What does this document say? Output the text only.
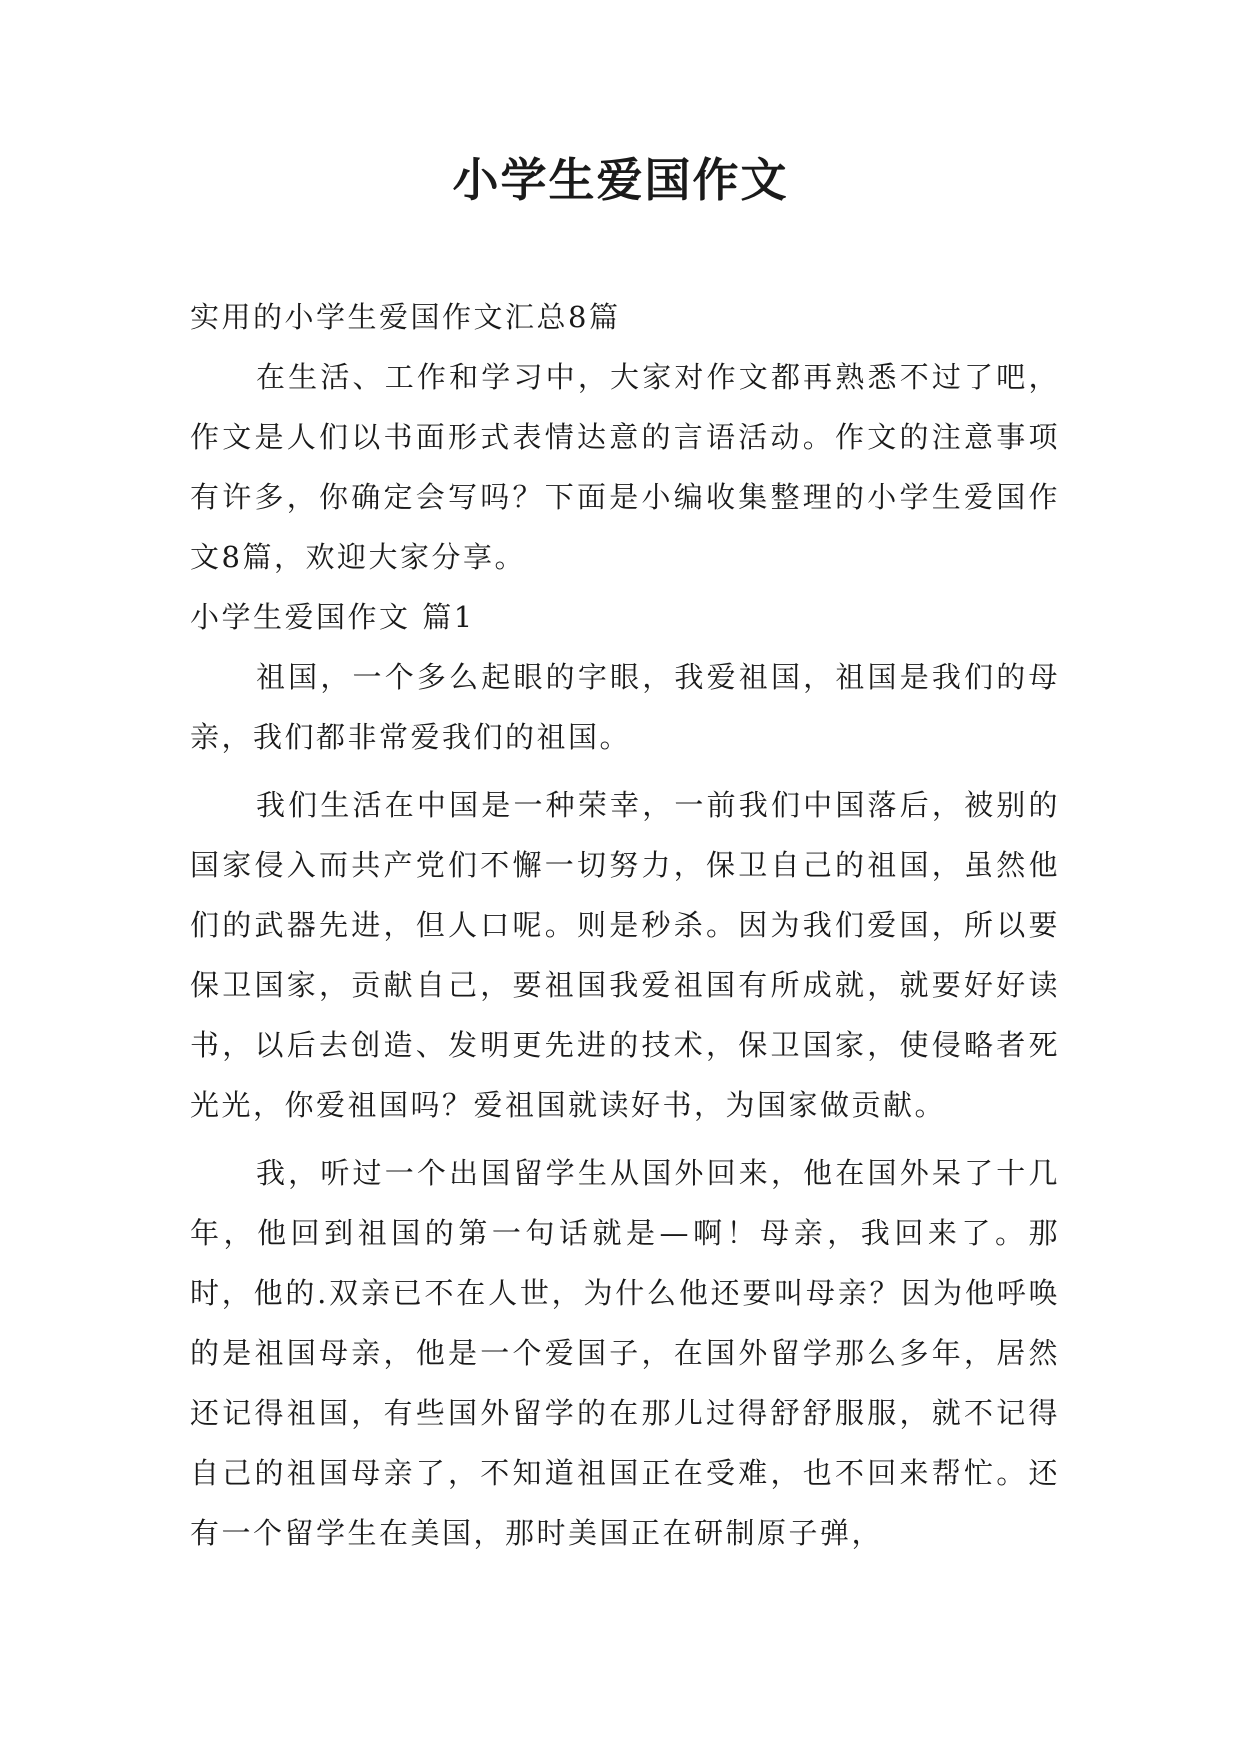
小学生爱国作文

实用的小学生爱国作文汇总8篇

在生活、工作和学习中，大家对作文都再熟悉不过了吧，作文是人们以书面形式表情达意的言语活动。作文的注意事项有许多，你确定会写吗？下面是小编收集整理的小学生爱国作文8篇，欢迎大家分享。

小学生爱国作文 篇1

祖国，一个多么起眼的字眼，我爱祖国，祖国是我们的母亲，我们都非常爱我们的祖国。

我们生活在中国是一种荣幸，一前我们中国落后，被别的国家侵入而共产党们不懈一切努力，保卫自己的祖国，虽然他们的武器先进，但人口呢。则是秒杀。因为我们爱国，所以要保卫国家，贡献自己，要祖国我爱祖国有所成就，就要好好读书，以后去创造、发明更先进的技术，保卫国家，使侵略者死光光，你爱祖国吗？爱祖国就读好书，为国家做贡献。

我，听过一个出国留学生从国外回来，他在国外呆了十几年，他回到祖国的第一句话就是—啊！母亲，我回来了。那时，他的.双亲已不在人世，为什么他还要叫母亲？因为他呼唤的是祖国母亲，他是一个爱国子，在国外留学那么多年，居然还记得祖国，有些国外留学的在那儿过得舒舒服服，就不记得自己的祖国母亲了，不知道祖国正在受难，也不回来帮忙。还有一个留学生在美国，那时美国正在研制原子弹，
